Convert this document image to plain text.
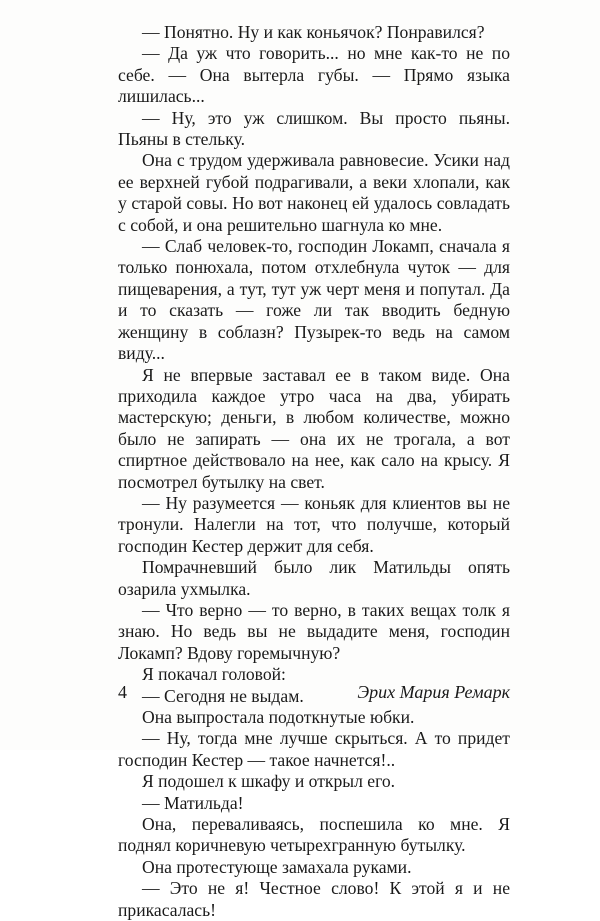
— Понятно. Ну и как коньячок? Понравился?

— Да уж что говорить... но мне как-то не по себе. — Она вытерла губы. — Прямо языка лишилась...

— Ну, это уж слишком. Вы просто пьяны. Пьяны в стельку.

Она с трудом удерживала равновесие. Усики над ее верхней губой подрагивали, а веки хлопали, как у старой совы. Но вот наконец ей удалось совладать с собой, и она решительно шагнула ко мне.

— Слаб человек-то, господин Локамп, сначала я только понюхала, потом отхлебнула чуток — для пищеварения, а тут, тут уж черт меня и попутал. Да и то сказать — гоже ли так вводить бедную женщину в соблазн? Пузырек-то ведь на самом виду...

Я не впервые заставал ее в таком виде. Она приходила каждое утро часа на два, убирать мастерскую; деньги, в любом количестве, можно было не запирать — она их не трогала, а вот спиртное действовало на нее, как сало на крысу. Я посмотрел бутылку на свет.

— Ну разумеется — коньяк для клиентов вы не тронули. Налегли на тот, что получше, который господин Кестер держит для себя.

Помрачневший было лик Матильды опять озарила ухмылка.

— Что верно — то верно, в таких вещах толк я знаю. Но ведь вы не выдадите меня, господин Локамп? Вдову горемычную?

Я покачал головой:

— Сегодня не выдам.

Она выпростала подоткнутые юбки.

— Ну, тогда мне лучше скрыться. А то придет господин Кестер — такое начнется!..

Я подошел к шкафу и открыл его.

— Матильда!

Она, переваливаясь, поспешила ко мне. Я поднял коричневую четырехгранную бутылку.

Она протестующе замахала руками.

— Это не я! Честное слово! К этой я и не прикасалась!

4	Эрих Мария Ремарк
